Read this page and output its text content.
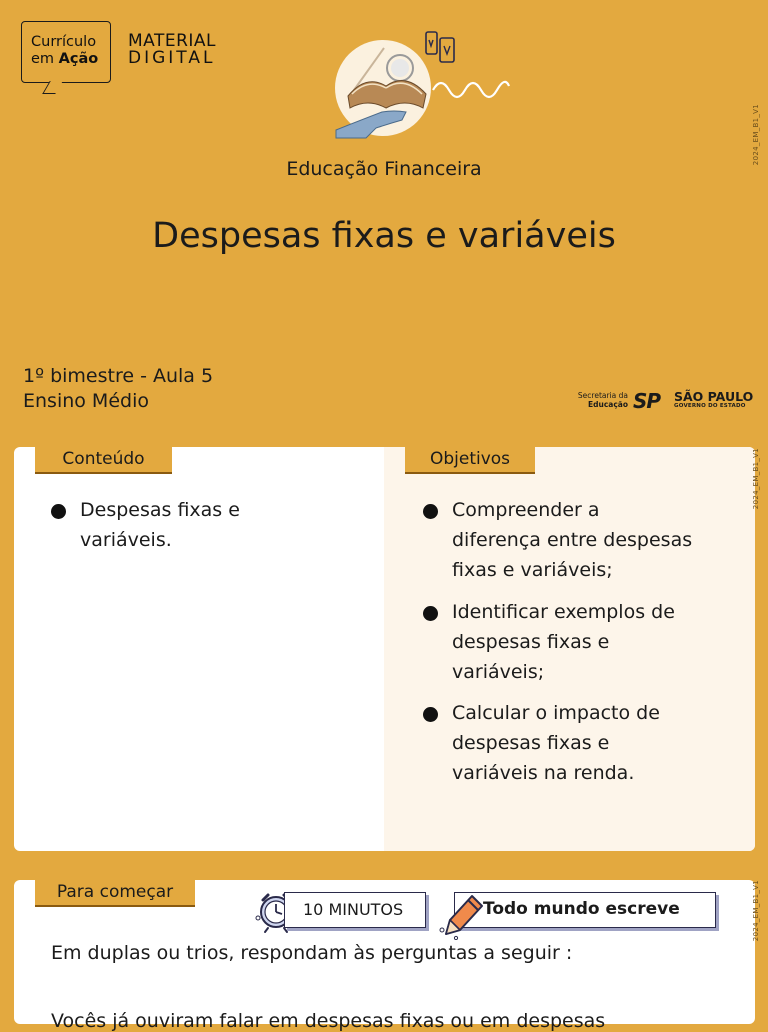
Currículo
em Ação
MATERIAL
DIGITAL
2024_EM_B1_V1
Educação Financeira
Despesas fixas e variáveis
1º bimestre - Aula 5
Ensino Médio	Secretaria da
Educação SP SÃO PAULO
GOVERNO DO ESTADO
Conteúdo
Despesas fixas e
variáveis.
Objetivos
Compreender a
diferença entre despesas
fixas e variáveis;
Identificar exemplos de
despesas fixas e
variáveis;
Calcular o impacto de
despesas fixas e
variáveis na renda.
2024_EM_B1_V1
Para começar
10 MINUTOS	Todo mundo escreve
Em duplas ou trios, respondam às perguntas a seguir :
Vocês já ouviram falar em despesas fixas ou em despesas
2024_EM_B1_V1
